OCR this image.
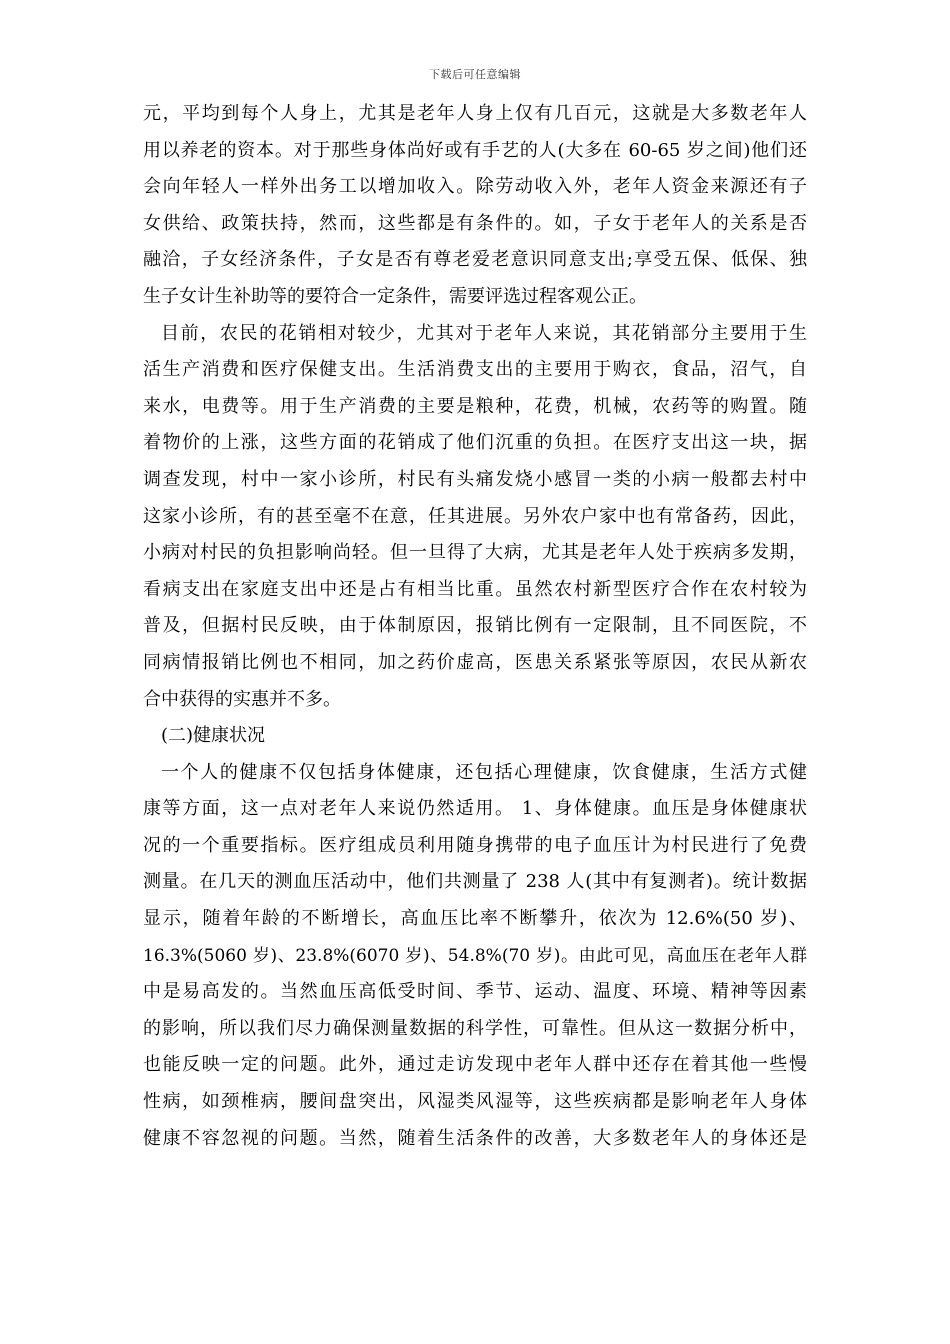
下载后可任意编辑
元，平均到每个人身上，尤其是老年人身上仅有几百元，这就是大多数老年人
用以养老的资本。对于那些身体尚好或有手艺的人(大多在 60-65 岁之间)他们还
会向年轻人一样外出务工以增加收入。除劳动收入外，老年人资金来源还有子
女供给、政策扶持，然而，这些都是有条件的。如，子女于老年人的关系是否
融洽，子女经济条件，子女是否有尊老爱老意识同意支出;享受五保、低保、独
生子女计生补助等的要符合一定条件，需要评选过程客观公正。
目前，农民的花销相对较少，尤其对于老年人来说，其花销部分主要用于生
活生产消费和医疗保健支出。生活消费支出的主要用于购衣，食品，沼气，自
来水，电费等。用于生产消费的主要是粮种，花费，机械，农药等的购置。随
着物价的上涨，这些方面的花销成了他们沉重的负担。在医疗支出这一块，据
调查发现，村中一家小诊所，村民有头痛发烧小感冒一类的小病一般都去村中
这家小诊所，有的甚至毫不在意，任其进展。另外农户家中也有常备药，因此，
小病对村民的负担影响尚轻。但一旦得了大病，尤其是老年人处于疾病多发期，
看病支出在家庭支出中还是占有相当比重。虽然农村新型医疗合作在农村较为
普及，但据村民反映，由于体制原因，报销比例有一定限制，且不同医院，不
同病情报销比例也不相同，加之药价虚高，医患关系紧张等原因，农民从新农
合中获得的实惠并不多。
(二)健康状况
一个人的健康不仅包括身体健康，还包括心理健康，饮食健康，生活方式健
康等方面，这一点对老年人来说仍然适用。 1、身体健康。血压是身体健康状
况的一个重要指标。医疗组成员利用随身携带的电子血压计为村民进行了免费
测量。在几天的测血压活动中，他们共测量了 238 人(其中有复测者)。统计数据
显示，随着年龄的不断增长，高血压比率不断攀升，依次为 12.6%(50 岁)、
16.3%(5060 岁)、23.8%(6070 岁)、54.8%(70 岁)。由此可见，高血压在老年人群
中是易高发的。当然血压高低受时间、季节、运动、温度、环境、精神等因素
的影响，所以我们尽力确保测量数据的科学性，可靠性。但从这一数据分析中，
也能反映一定的问题。此外，通过走访发现中老年人群中还存在着其他一些慢
性病，如颈椎病，腰间盘突出，风湿类风湿等，这些疾病都是影响老年人身体
健康不容忽视的问题。当然，随着生活条件的改善，大多数老年人的身体还是
